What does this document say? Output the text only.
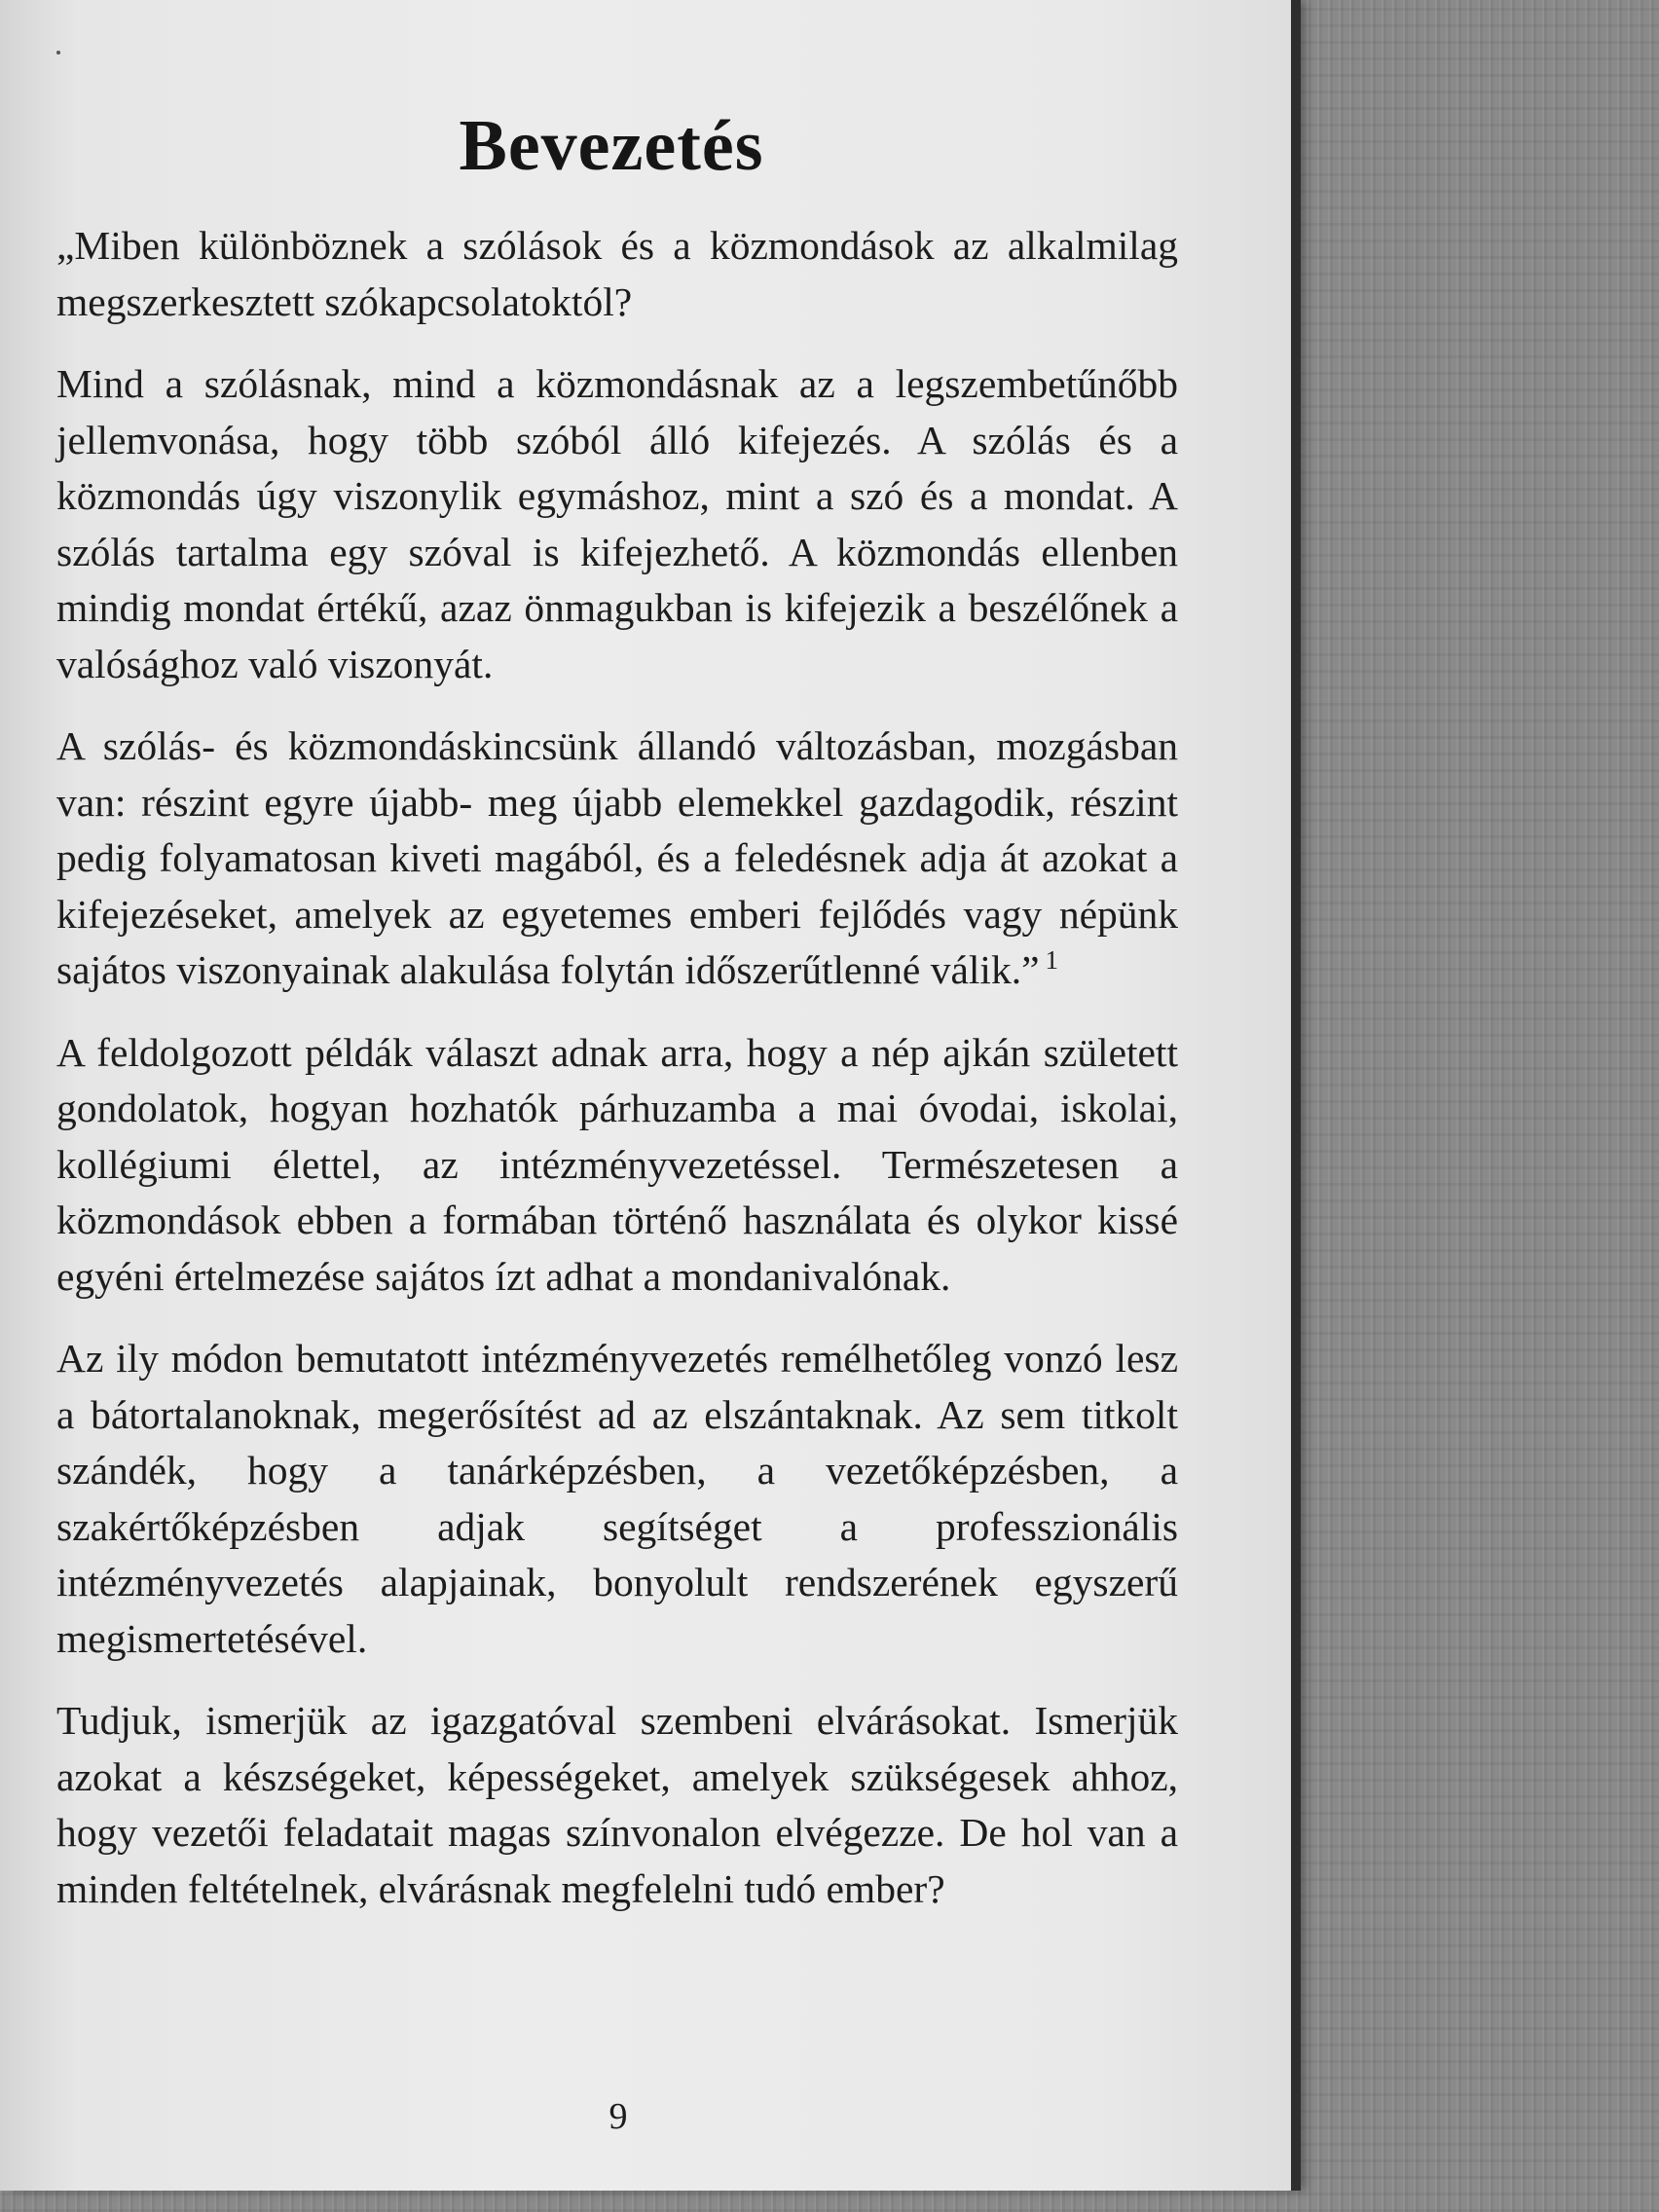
Bevezetés

„Miben különböznek a szólások és a közmondások az alkalmilag megszerkesztett szókapcsolatoktól?

Mind a szólásnak, mind a közmondásnak az a legszembetűnőbb jellemvonása, hogy több szóból álló kifejezés. A szólás és a közmondás úgy viszonylik egymáshoz, mint a szó és a mondat. A szólás tartalma egy szóval is kifejezhető. A közmondás ellenben mindig mondat értékű, azaz önmagukban is kifejezik a beszélőnek a valósághoz való viszonyát.

A szólás- és közmondáskincsünk állandó változásban, mozgásban van: részint egyre újabb- meg újabb elemekkel gazdagodik, részint pedig folyamatosan kiveti magából, és a feledésnek adja át azokat a kifejezéseket, amelyek az egyetemes emberi fejlődés vagy népünk sajátos viszonyainak alakulása folytán időszerűtlenné válik.” $^1$

A feldolgozott példák választ adnak arra, hogy a nép ajkán született gondolatok, hogyan hozhatók párhuzamba a mai óvodai, iskolai, kollégiumi élettel, az intézményvezetéssel. Természetesen a közmondások ebben a formában történő használata és olykor kissé egyéni értelmezése sajátos ízt adhat a mondanivalónak.

Az ily módon bemutatott intézményvezetés remélhetőleg vonzó lesz a bátortalanoknak, megerősítést ad az elszántaknak. Az sem titkolt szándék, hogy a tanárképzésben, a vezetőképzésben, a szakértőképzésben adjak segítséget a professzionális intézményvezetés alapjainak, bonyolult rendszerének egyszerű megismertetésével.

Tudjuk, ismerjük az igazgatóval szembeni elvárásokat. Ismerjük azokat a készségeket, képességeket, amelyek szükségesek ahhoz, hogy vezetői feladatait magas színvonalon elvégezze. De hol van a minden feltételnek, elvárásnak megfelelni tudó ember?

9
